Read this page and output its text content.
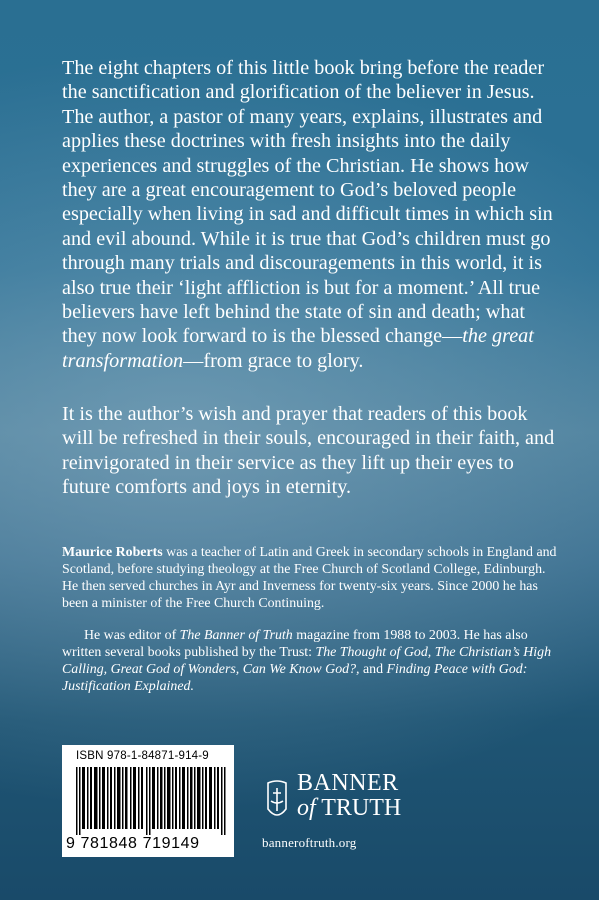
The eight chapters of this little book bring before the reader the sanctification and glorification of the believer in Jesus. The author, a pastor of many years, explains, illustrates and applies these doctrines with fresh insights into the daily experiences and struggles of the Christian. He shows how they are a great encouragement to God’s beloved people especially when living in sad and difficult times in which sin and evil abound. While it is true that God’s children must go through many trials and discouragements in this world, it is also true their ‘light affliction is but for a moment.’ All true believers have left behind the state of sin and death; what they now look forward to is the blessed change—the great transformation—from grace to glory.

It is the author’s wish and prayer that readers of this book will be refreshed in their souls, encouraged in their faith, and reinvigorated in their service as they lift up their eyes to future comforts and joys in eternity.

Maurice Roberts was a teacher of Latin and Greek in secondary schools in England and Scotland, before studying theology at the Free Church of Scotland College, Edinburgh. He then served churches in Ayr and Inverness for twenty-six years. Since 2000 he has been a minister of the Free Church Continuing.

He was editor of The Banner of Truth magazine from 1988 to 2003. He has also written several books published by the Trust: The Thought of God, The Christian’s High Calling, Great God of Wonders, Can We Know God?, and Finding Peace with God: Justification Explained.

ISBN 978-1-84871-914-9
9 781848 719149
BANNER
of TRUTH
banneroftruth.org
